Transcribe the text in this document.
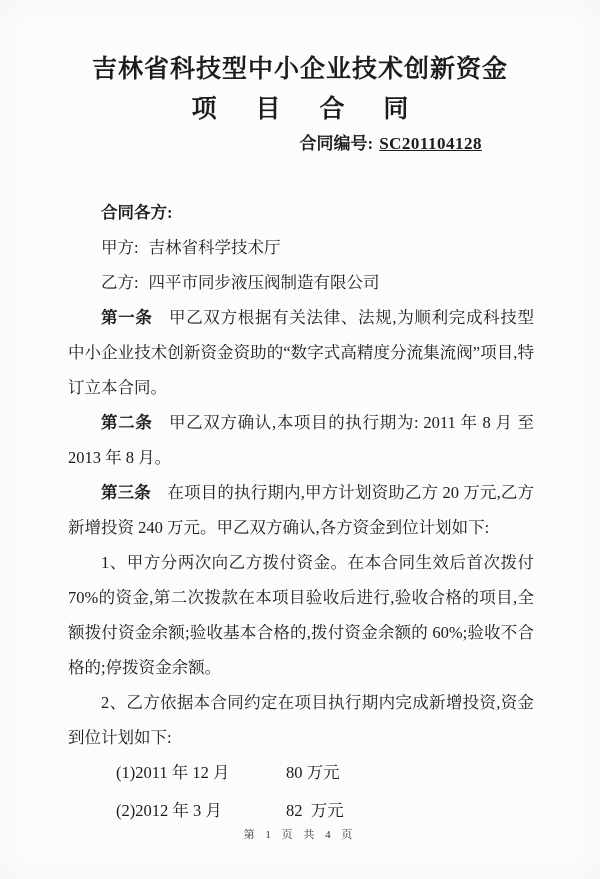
吉林省科技型中小企业技术创新资金
项 目 合 同
合同编号: SC201104128

合同各方:

甲方: 吉林省科学技术厅

乙方: 四平市同步液压阀制造有限公司

第一条 甲乙双方根据有关法律、法规,为顺利完成科技型中小企业技术创新资金资助的“数字式高精度分流集流阀”项目,特订立本合同。

第二条 甲乙双方确认,本项目的执行期为: 2011 年 8 月 至 2013 年 8 月。

第三条 在项目的执行期内,甲方计划资助乙方 20 万元,乙方新增投资 240 万元。甲乙双方确认,各方资金到位计划如下:

1、甲方分两次向乙方拨付资金。在本合同生效后首次拨付 70%的资金,第二次拨款在本项目验收后进行,验收合格的项目,全额拨付资金余额;验收基本合格的,拨付资金余额的 60%;验收不合格的;停拨资金余额。

2、乙方依据本合同约定在项目执行期内完成新增投资,资金到位计划如下:

(1)2011 年 12 月	80 万元
(2)2012 年 3 月	82  万元
第 1 页 共 4 页
